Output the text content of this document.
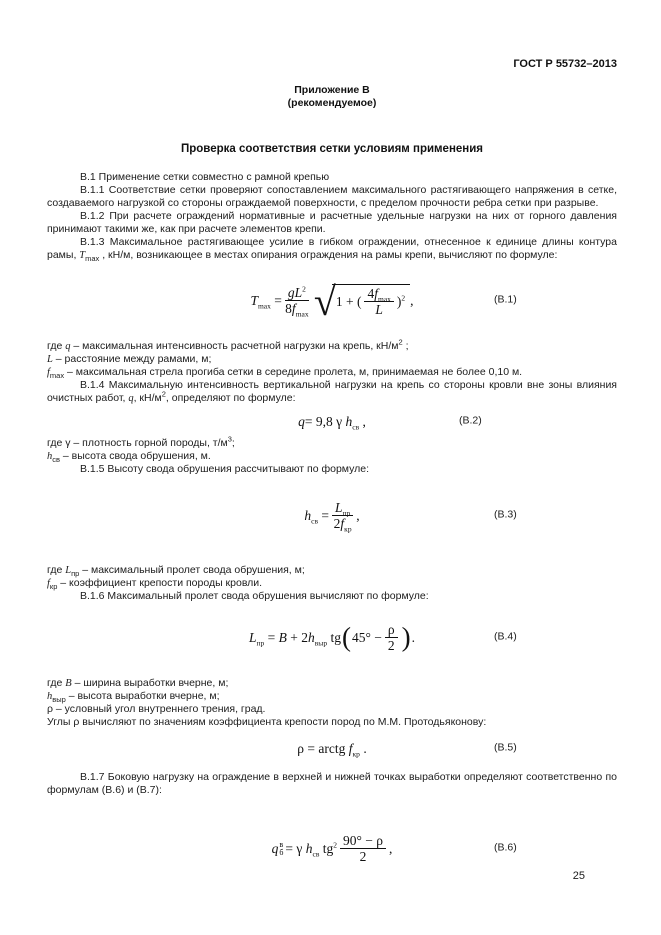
ГОСТ Р 55732–2013
Приложение В
(рекомендуемое)
Проверка соответствия сетки условиям применения

В.1 Применение сетки совместно с рамной крепью

В.1.1 Соответствие сетки проверяют сопоставлением максимального растягивающего напряжения в сетке, создаваемого нагрузкой со стороны ограждаемой поверхности, с пределом прочности ребра сетки при разрыве.

В.1.2 При расчете ограждений нормативные и расчетные удельные нагрузки на них от горного давления принимают такими же, как при расчете элементов крепи.

В.1.3 Максимальное растягивающее усилие в гибком ограждении, отнесенное к единице длины контура рамы, $T_{max}$ , кН/м, возникающее в местах опирания ограждения на рамы крепи, вычисляют по формуле:

$T_{max} = \frac{gL^2}{8f_{max}}$ √ 1 + ( $\frac{4f_{max}}{L} )^2$ ,	(В.1)

где q – максимальная интенсивность расчетной нагрузки на крепь, $кН/м^2$ ;

L – расстояние между рамами, м;

$f_{max}$ – максимальная стрела прогиба сетки в середине пролета, м, принимаемая не более 0,10 м.

В.1.4 Максимальную интенсивность вертикальной нагрузки на крепь со стороны кровли вне зоны влияния очистных работ, q, $кН/м^2$, определяют по формуле:

q= 9,8 γ $h_{св}$ ,	(В.2)

где γ – плотность горной породы, $т/м^3$;

$h_{св}$ – высота свода обрушения, м.

В.1.5 Высоту свода обрушения рассчитывают по формуле:

$h_{св} = \frac{L_{пр}}{2f_{кр}}$ ,	(В.3)

где $L_{пр}$ – максимальный пролет свода обрушения, м;

$f_{кр}$ – коэффициент крепости породы кровли.

В.1.6 Максимальный пролет свода обрушения вычисляют по формуле:

$L_{пр} = B + 2h_{выр}$ tg ( $45^\circ - \frac{\rho}{2}$ ) .	(В.4)

где B – ширина выработки вчерне, м;

$h_{выр}$ – высота выработки вчерне, м;

ρ – условный угол внутреннего трения, град.

Углы ρ вычисляют по значениям коэффициента крепости пород по М.М. Протодьяконову:

ρ = arctg $f_{кр}$ .	(В.5)

В.1.7 Боковую нагрузку на ограждение в верхней и нижней точках выработки определяют соответственно по формулам (В.6) и (В.7):

q в
б = γ $h_{св}$ $tg^2 \frac{90^\circ - \rho}{2}$ ,	(В.6)
25
